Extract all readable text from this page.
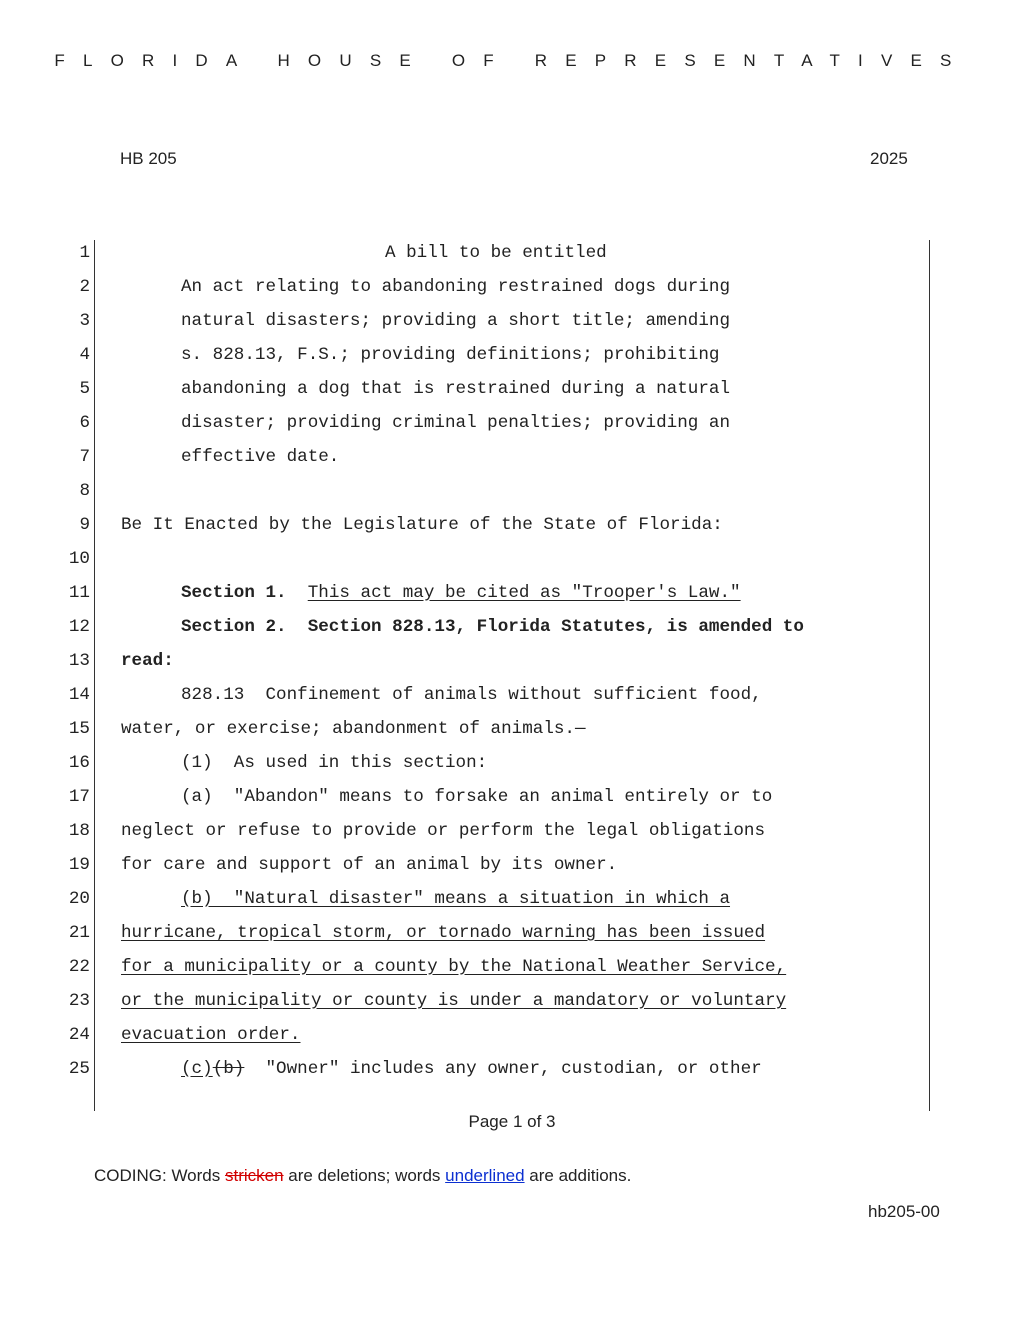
FLORIDA HOUSE OF REPRESENTATIVES
HB 205	2025
1	A bill to be entitled
2	An act relating to abandoning restrained dogs during
3	natural disasters; providing a short title; amending
4	s. 828.13, F.S.; providing definitions; prohibiting
5	abandoning a dog that is restrained during a natural
6	disaster; providing criminal penalties; providing an
7	effective date.
8
9 Be It Enacted by the Legislature of the State of Florida:
10
11	Section 1. This act may be cited as "Trooper's Law."
12	Section 2.  Section 828.13, Florida Statutes, is amended to
13 read:
14	828.13  Confinement of animals without sufficient food,
15 water, or exercise; abandonment of animals.—
16	(1)  As used in this section:
17	(a)  "Abandon" means to forsake an animal entirely or to
18 neglect or refuse to provide or perform the legal obligations
19 for care and support of an animal by its owner.
20	(b)  "Natural disaster" means a situation in which a
21 hurricane, tropical storm, or tornado warning has been issued
22 for a municipality or a county by the National Weather Service,
23 or the municipality or county is under a mandatory or voluntary
24 evacuation order.
25	(c)(b)  "Owner" includes any owner, custodian, or other
Page 1 of 3
CODING: Words stricken are deletions; words underlined are additions.
hb205-00
